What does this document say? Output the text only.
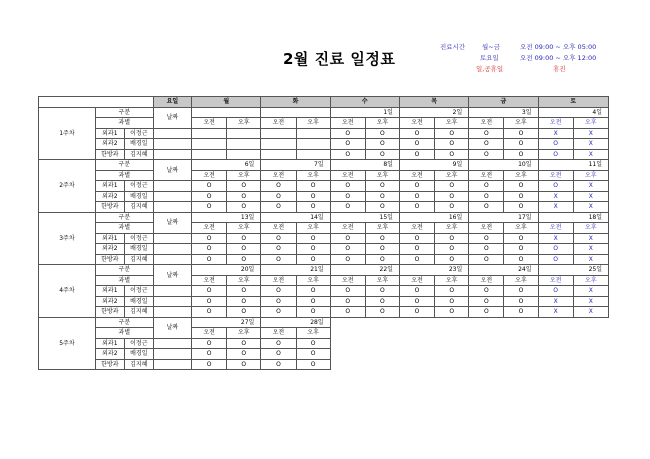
2월 진료 일정표
진료시간	월~금	오전 09:00 ~ 오후 05:00
토요일	오전 09:00 ~ 오후 12:00
일,공휴일	휴진
			요일	월		화		수		목		금		토	
1주차	구분		날짜					1일		2일		3일		4일	
	과별			오전	오후	오전	오후	오전	오후	오전	오후	오전	오후	오전	오후
	외과1	이정근						O	O	O	O	O	O	X	X
	외과2	배경일						O	O	O	O	O	O	O	X
	한방과	김지혜						O	O	O	O	O	O	O	X
2주차	구분		날짜	6일		7일		8일		9일		10일		11일	
	과별			오전	오후	오전	오후	오전	오후	오전	오후	오전	오후	오전	오후
	외과1	이정근		O	O	O	O	O	O	O	O	O	O	O	X
	외과2	배경일		O	O	O	O	O	O	O	O	O	O	X	X
	한방과	김지혜		O	O	O	O	O	O	O	O	O	O	X	X
3주차	구분		날짜	13일		14일		15일		16일		17일		18일	
	과별			오전	오후	오전	오후	오전	오후	오전	오후	오전	오후	오전	오후
	외과1	이정근		O	O	O	O	O	O	O	O	O	O	X	X
	외과2	배경일		O	O	O	O	O	O	O	O	O	O	O	X
	한방과	김지혜		O	O	O	O	O	O	O	O	O	O	O	X
4주차	구분		날짜	20일		21일		22일		23일		24일		25일	
	과별			오전	오후	오전	오후	오전	오후	오전	오후	오전	오후	오전	오후
	외과1	이정근		O	O	O	O	O	O	O	O	O	O	O	X
	외과2	배경일		O	O	O	O	O	O	O	O	O	O	X	X
	한방과	김지혜		O	O	O	O	O	O	O	O	O	O	X	X
5주차	구분		날짜	27일		28일									
	과별			오전	오후	오전	오후								
	외과1	이정근		O	O	O	O								
	외과2	배경일		O	O	O	O								
	한방과	김지혜		O	O	O	O								
